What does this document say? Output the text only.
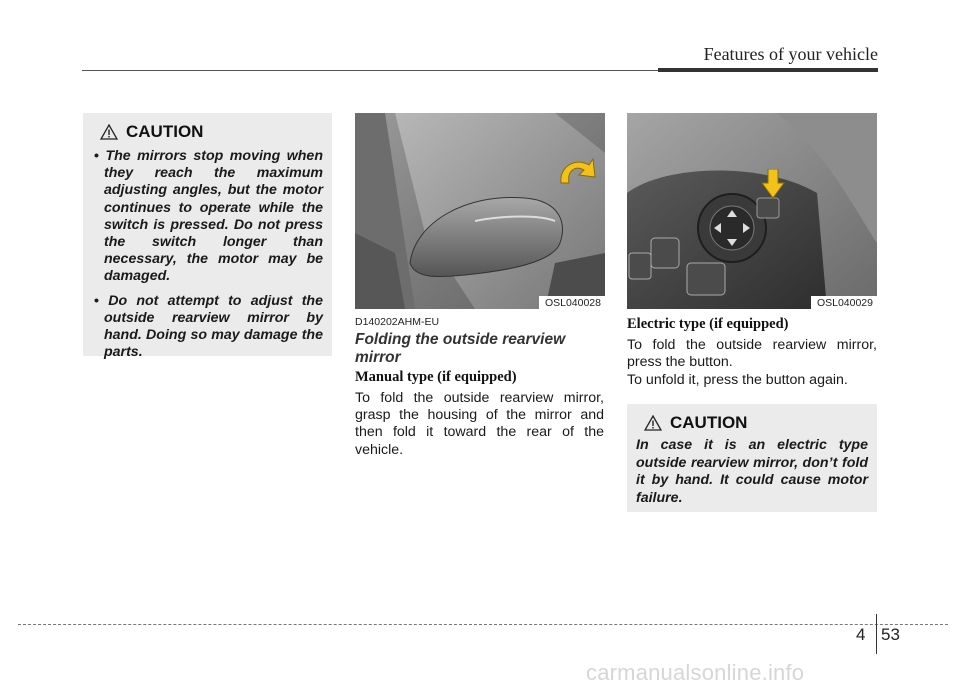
Features of your vehicle
CAUTION
• The mirrors stop moving when they reach the maximum adjusting angles, but the motor continues to operate while the switch is pressed. Do not press the switch longer than necessary, the motor may be damaged.
• Do not attempt to adjust the outside rearview mirror by hand. Doing so may damage the parts.
OSL040028	OSL040029
D140202AHM-EU
Folding the outside rearview mirror
Manual type (if equipped)

To fold the outside rearview mirror, grasp the housing of the mirror and then fold it toward the rear of the vehicle.

Electric type (if equipped)

To fold the outside rearview mirror, press the button.

To unfold it, press the button again.

CAUTION
In case it is an electric type outside rearview mirror, don’t fold it by hand. It could cause motor failure.
4 53
carmanualsonline.info
